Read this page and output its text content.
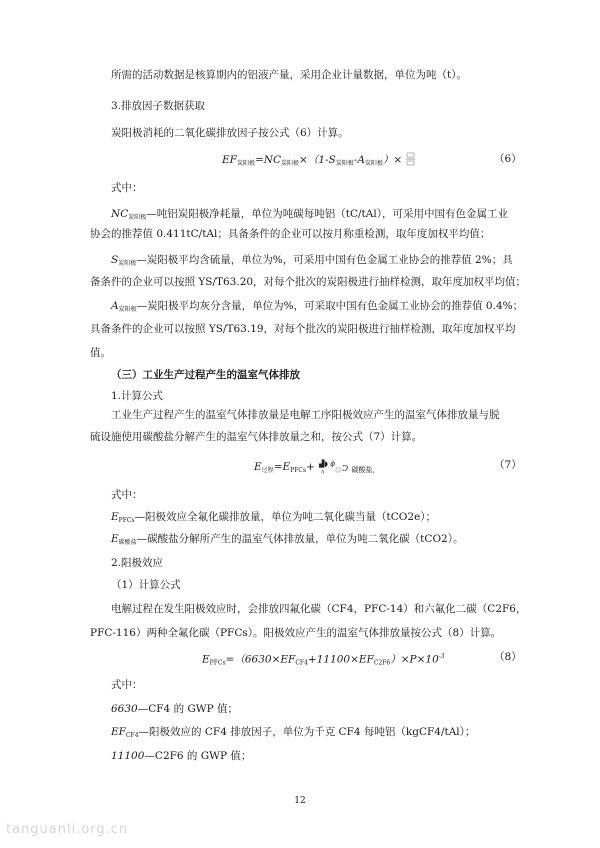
所需的活动数据是核算期内的铝液产量，采用企业计量数据，单位为吨（t）。
3.排放因子数据获取
炭阳极消耗的二氧化碳排放因子按公式（6）计算。
$EF_{炭阳极}=NC_{炭阳极}\times(1-S_{炭阳极}-A_{炭阳极})\times$	（6）
式中：
$NC_{炭阳极}—$吨铝炭阳极净耗量，单位为吨碳每吨铝（tC/tAl），可采用中国有色金属工业
协会的推荐值 0.411tC/tAl；具备条件的企业可以按月称重检测，取年度加权平均值；
$S_{炭阳极}—$炭阳极平均含硫量，单位为%，可采用中国有色金属工业协会的推荐值 2%；具
备条件的企业可以按照 YS/T63.20，对每个批次的炭阳极进行抽样检测，取年度加权平均值；
$A_{炭阳极}—$炭阳极平均灰分含量，单位为%，可采取中国有色金属工业协会的推荐值 0.4%；
具备条件的企业可以按照 YS/T63.19，对每个批次的炭阳极进行抽样检测，取年度加权平均
值。
（三）工业生产过程产生的温室气体排放
1.计算公式
工业生产过程产生的温室气体排放量是电解工序阳极效应产生的温室气体排放量与脱
硫设施使用碳酸盐分解产生的温室气体排放量之和，按公式（7）计算。
$E_{过程}=E_{PFCs}+$ ▟◗ ɸ
η Ↄ $_{碳酸盐,}$	（7）
式中：
$E_{PFCs}—$阳极效应全氟化碳排放量，单位为吨二氧化碳当量（tCO2e）；
$E_{碳酸盐}—$碳酸盐分解所产生的温室气体排放量，单位为吨二氧化碳（tCO2）。
2.阳极效应
（1）计算公式
电解过程在发生阳极效应时，会排放四氟化碳（CF4，PFC-14）和六氟化二碳（C2F6，
PFC-116）两种全氟化碳（PFCs）。阳极效应产生的温室气体排放量按公式（8）计算。
$E_{PFCs}=(6630\times EF_{CF4}+11100\times EF_{C2F6})\times P\times 10^{-3}$	（8）
式中：
6630—CF4 的 GWP 值；
$EF_{CF4}—$阳极效应的 CF4 排放因子，单位为千克 CF4 每吨铝（kgCF4/tAl）；
11100—C2F6 的 GWP 值；
12
tanguanli.org.cn
